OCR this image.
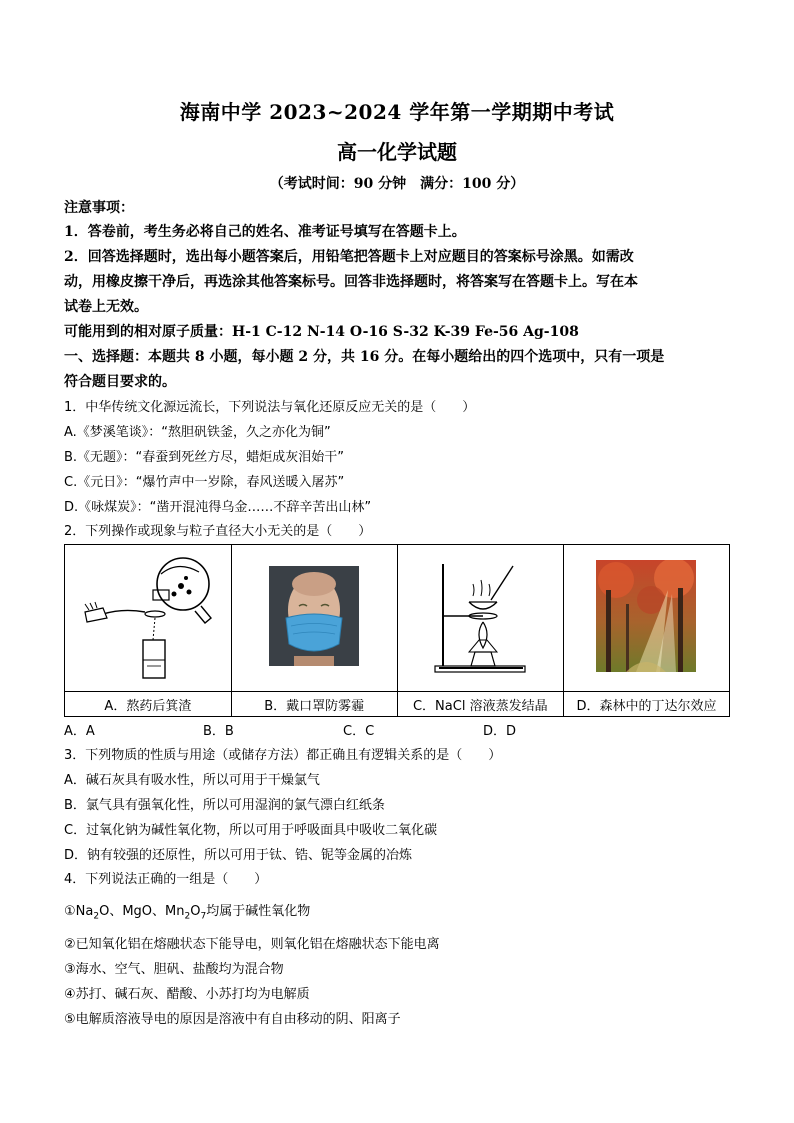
海南中学 2023~2024 学年第一学期期中考试
高一化学试题
（考试时间：90 分钟　满分：100 分）
注意事项：
1．答卷前，考生务必将自己的姓名、准考证号填写在答题卡上。
2．回答选择题时，选出每小题答案后，用铅笔把答题卡上对应题目的答案标号涂黑。如需改
动，用橡皮擦干净后，再选涂其他答案标号。回答非选择题时，将答案写在答题卡上。写在本
试卷上无效。
可能用到的相对原子质量：H-1 C-12 N-14 O-16 S-32 K-39 Fe-56 Ag-108
一、选择题：本题共 8 小题，每小题 2 分，共 16 分。在每小题给出的四个选项中，只有一项是
符合题目要求的。
1．中华传统文化源远流长，下列说法与氧化还原反应无关的是（　　）
A.《梦溪笔谈》：“熬胆矾铁釜，久之亦化为铜”
B.《无题》：“春蚕到死丝方尽，蜡炬成灰泪始干”
C.《元日》：“爆竹声中一岁除，春风送暖入屠苏”
D.《咏煤炭》：“凿开混沌得乌金……不辞辛苦出山林”
2．下列操作或现象与粒子直径大小无关的是（　　）

A．熬药后箕渣	B．戴口罩防雾霾	C．NaCl 溶液蒸发结晶	D．森林中的丁达尔效应
A．A	B．B	C．C	D．D
3．下列物质的性质与用途（或储存方法）都正确且有逻辑关系的是（　　）
A．碱石灰具有吸水性，所以可用于干燥氯气
B．氯气具有强氧化性，所以可用湿润的氯气漂白红纸条
C．过氧化钠为碱性氧化物，所以可用于呼吸面具中吸收二氧化碳
D．钠有较强的还原性，所以可用于钛、锆、铌等金属的冶炼
4．下列说法正确的一组是（　　）
$①Na_2O$、MgO、$Mn_2O_7$均属于碱性氧化物
②已知氧化铝在熔融状态下能导电，则氧化铝在熔融状态下能电离
③海水、空气、胆矾、盐酸均为混合物
④苏打、碱石灰、醋酸、小苏打均为电解质
⑤电解质溶液导电的原因是溶液中有自由移动的阴、阳离子
